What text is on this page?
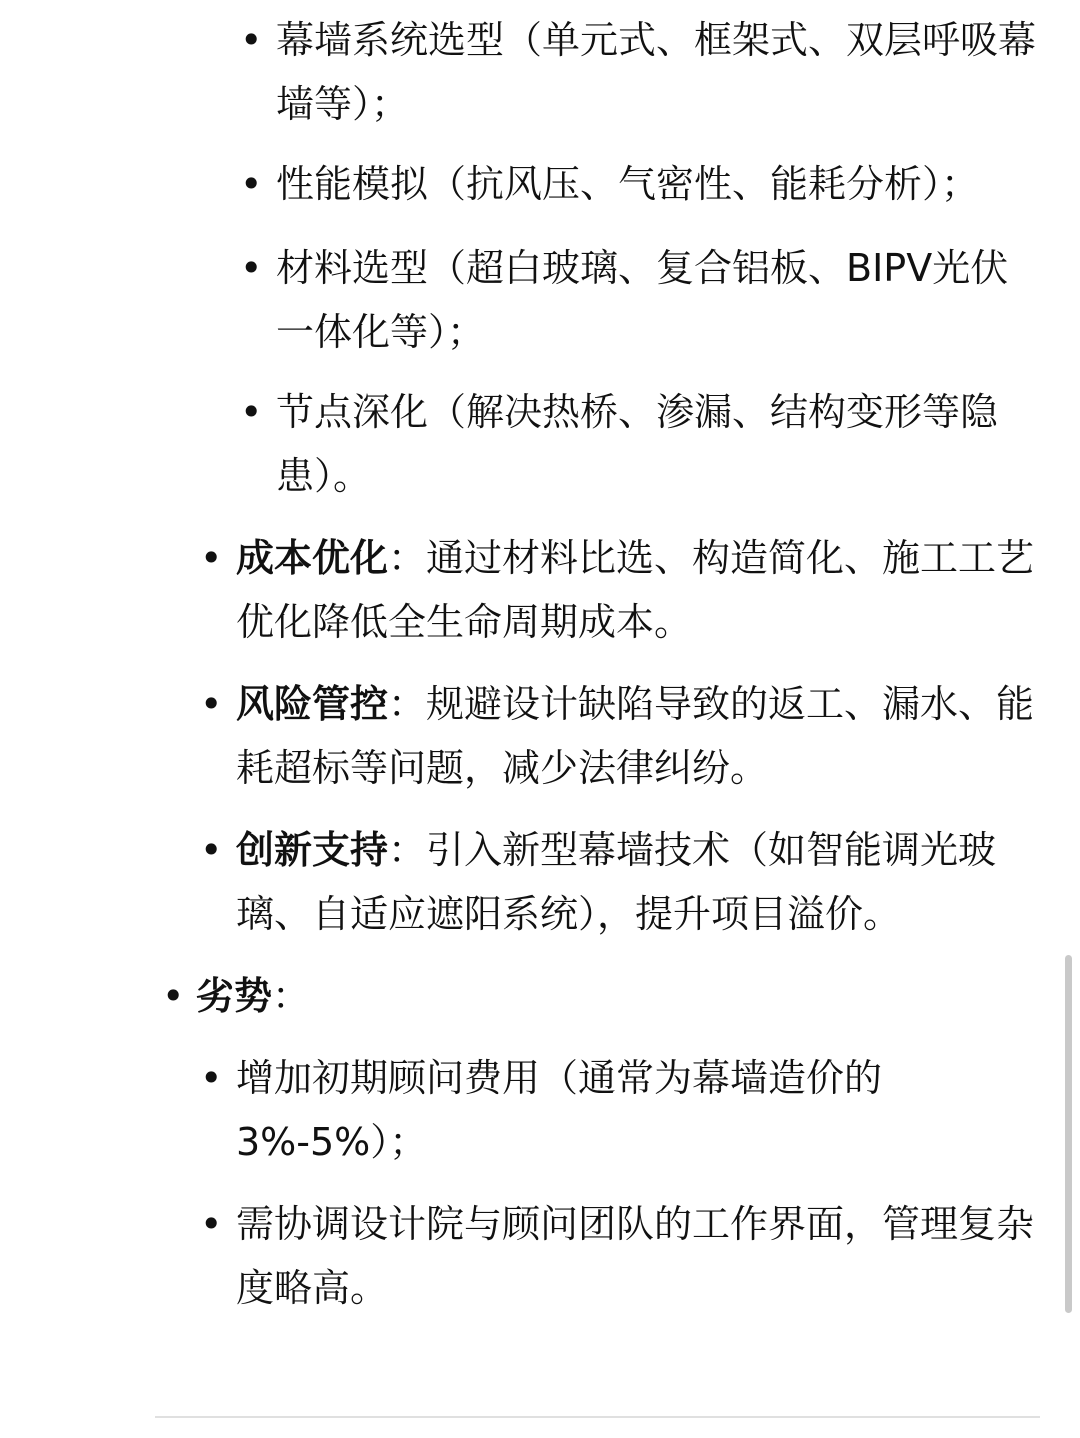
• 幕墙系统选型（单元式、框架式、双层呼吸幕墙等）；
• 性能模拟（抗风压、气密性、能耗分析）；
• 材料选型（超白玻璃、复合铝板、BIPV光伏一体化等）；
• 节点深化（解决热桥、渗漏、结构变形等隐患）。
• 成本优化：通过材料比选、构造简化、施工工艺优化降低全生命周期成本。
• 风险管控：规避设计缺陷导致的返工、漏水、能耗超标等问题，减少法律纠纷。
• 创新支持：引入新型幕墙技术（如智能调光玻璃、自适应遮阳系统），提升项目溢价。
• 劣势：
• 增加初期顾问费用（通常为幕墙造价的3%-5%）；
• 需协调设计院与顾问团队的工作界面，管理复杂度略高。
